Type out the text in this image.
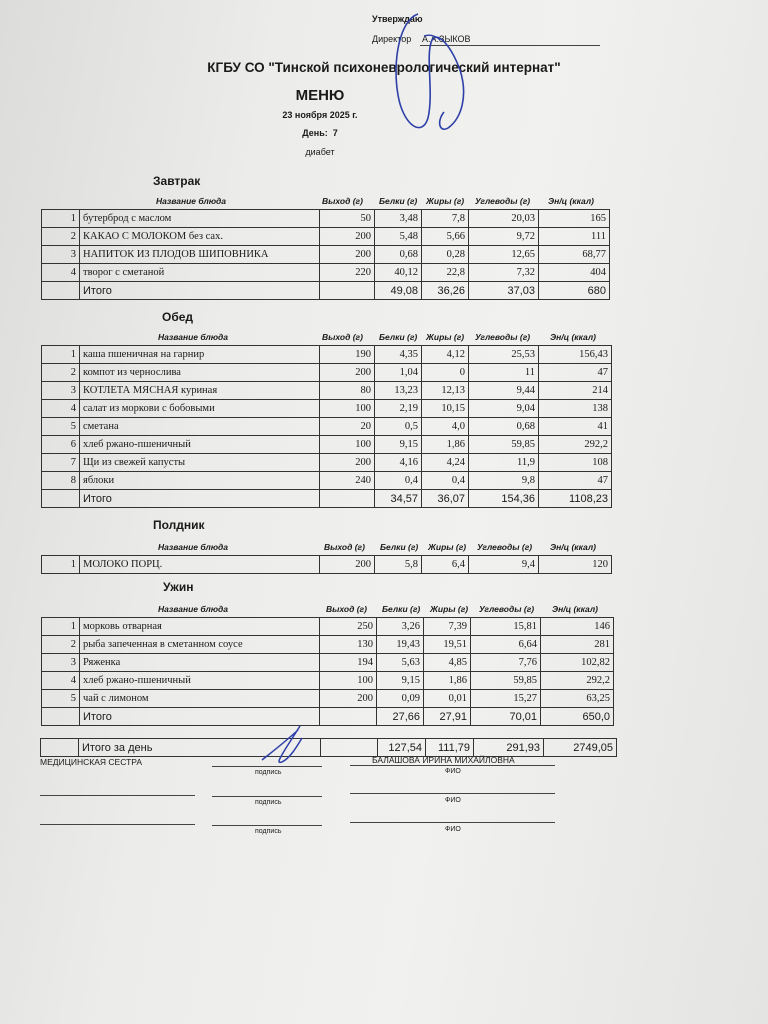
Утверждаю
Директор А.А.ЗЫКОВ
КГБУ СО "Тинской психоневрологический интернат"
МЕНЮ
23 ноября 2025 г.
День: 7
диабет
Завтрак
Название блюда	Выход (г) Белки (г) Жиры (г) Углеводы (г) Эн/ц (ккал)
1	бутерброд с маслом	50	3,48	7,8	20,03	165
2	КАКАО С МОЛОКОМ без сах.	200	5,48	5,66	9,72	111
3	НАПИТОК ИЗ ПЛОДОВ ШИПОВНИКА	200	0,68	0,28	12,65	68,77
4	творог с сметаной	220	40,12	22,8	7,32	404
	Итого		49,08	36,26	37,03	680
Обед
Название блюда	Выход (г) Белки (г) Жиры (г) Углеводы (г) Эн/ц (ккал)
1	каша пшеничная на гарнир	190	4,35	4,12	25,53	156,43
2	компот из чернослива	200	1,04	0	11	47
3	КОТЛЕТА МЯСНАЯ куриная	80	13,23	12,13	9,44	214
4	салат из моркови с бобовыми	100	2,19	10,15	9,04	138
5	сметана	20	0,5	4,0	0,68	41
6	хлеб ржано-пшеничный	100	9,15	1,86	59,85	292,2
7	Щи из свежей капусты	200	4,16	4,24	11,9	108
8	яблоки	240	0,4	0,4	9,8	47
	Итого		34,57	36,07	154,36	1108,23
Полдник
Название блюда	Выход (г) Белки (г) Жиры (г) Углеводы (г) Эн/ц (ккал)
1	МОЛОКО ПОРЦ.	200	5,8	6,4	9,4	120
Ужин
Название блюда	Выход (г) Белки (г) Жиры (г) Углеводы (г) Эн/ц (ккал)
1	морковь отварная	250	3,26	7,39	15,81	146
2	рыба запеченная в сметанном соусе	130	19,43	19,51	6,64	281
3	Ряженка	194	5,63	4,85	7,76	102,82
4	хлеб ржано-пшеничный	100	9,15	1,86	59,85	292,2
5	чай с лимоном	200	0,09	0,01	15,27	63,25
	Итого		27,66	27,91	70,01	650,0
	Итого за день		127,54	111,79	291,93	2749,05
МЕДИЦИНСКАЯ СЕСТРА	БАЛАШОВА ИРИНА МИХАЙЛОВНА
подпись	ФИО
подпись	ФИО
подпись	ФИО
